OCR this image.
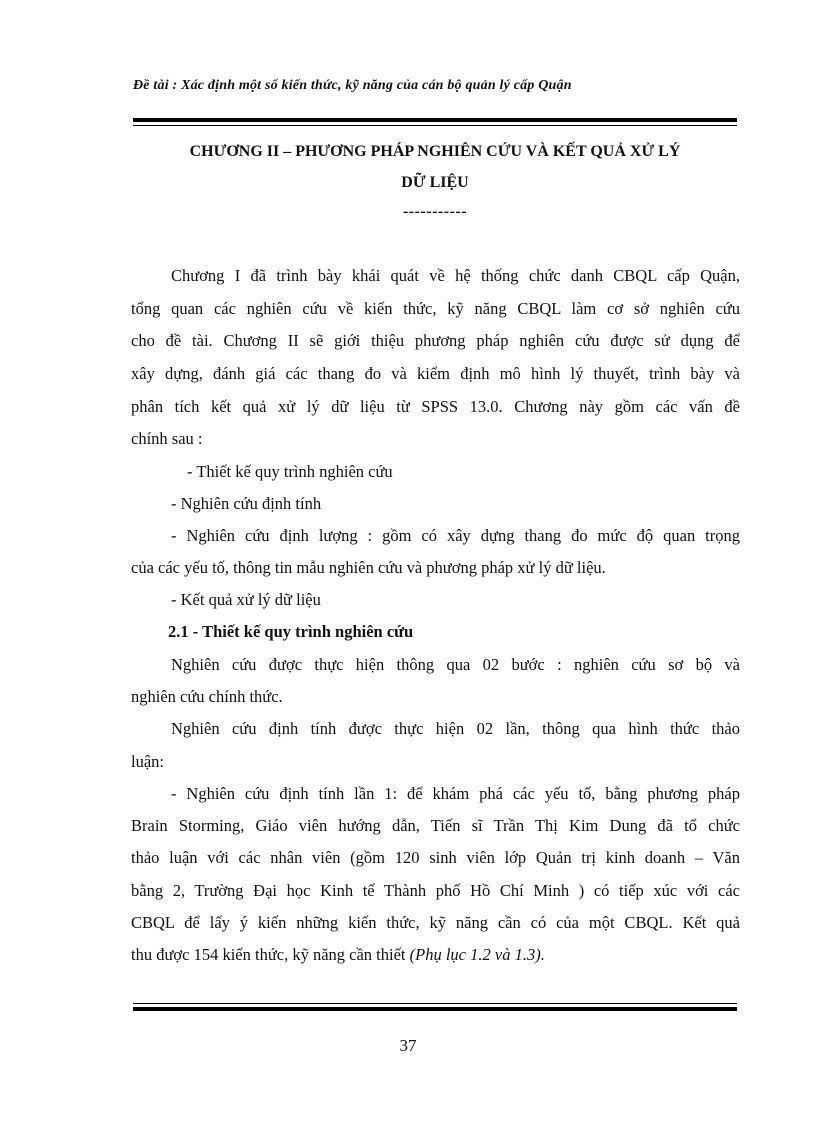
Đề tài : Xác định một số kiến thức, kỹ năng của cán bộ quản lý cấp Quận
CHƯƠNG II – PHƯƠNG PHÁP NGHIÊN CỨU VÀ KẾT QUẢ XỬ LÝ
DỮ LIỆU
-----------
Chương I đã trình bày khái quát về hệ thống chức danh CBQL cấp Quận,
tổng quan các nghiên cứu về kiến thức, kỹ năng CBQL làm cơ sở nghiên cứu
cho đề tài. Chương II sẽ giới thiệu phương pháp nghiên cứu được sử dụng để
xây dựng, đánh giá các thang đo và kiểm định mô hình lý thuyết, trình bày và
phân tích kết quả xử lý dữ liệu từ SPSS 13.0. Chương này gồm các vấn đề
chính sau :
- Thiết kế quy trình nghiên cứu
- Nghiên cứu định tính
- Nghiên cứu định lượng : gồm có xây dựng thang đo mức độ quan trọng
của các yếu tố, thông tin mẫu nghiên cứu và phương pháp xử lý dữ liệu.
- Kết quả xử lý dữ liệu
2.1 - Thiết kế quy trình nghiên cứu
Nghiên cứu được thực hiện thông qua 02 bước : nghiên cứu sơ bộ và
nghiên cứu chính thức.
Nghiên cứu định tính được thực hiện 02 lần, thông qua hình thức thảo
luận:
- Nghiên cứu định tính lần 1: để khám phá các yếu tố, bằng phương pháp
Brain Storming, Giáo viên hướng dẫn, Tiến sĩ Trần Thị Kim Dung đã tổ chức
thảo luận với các nhân viên (gồm 120 sinh viên lớp Quản trị kinh doanh – Văn
bằng 2, Trường Đại học Kinh tế Thành phố Hồ Chí Minh ) có tiếp xúc với các
CBQL để lấy ý kiến những kiến thức, kỹ năng cần có của một CBQL. Kết quả
thu được 154 kiến thức, kỹ năng cần thiết (Phụ lục 1.2 và 1.3).
37
